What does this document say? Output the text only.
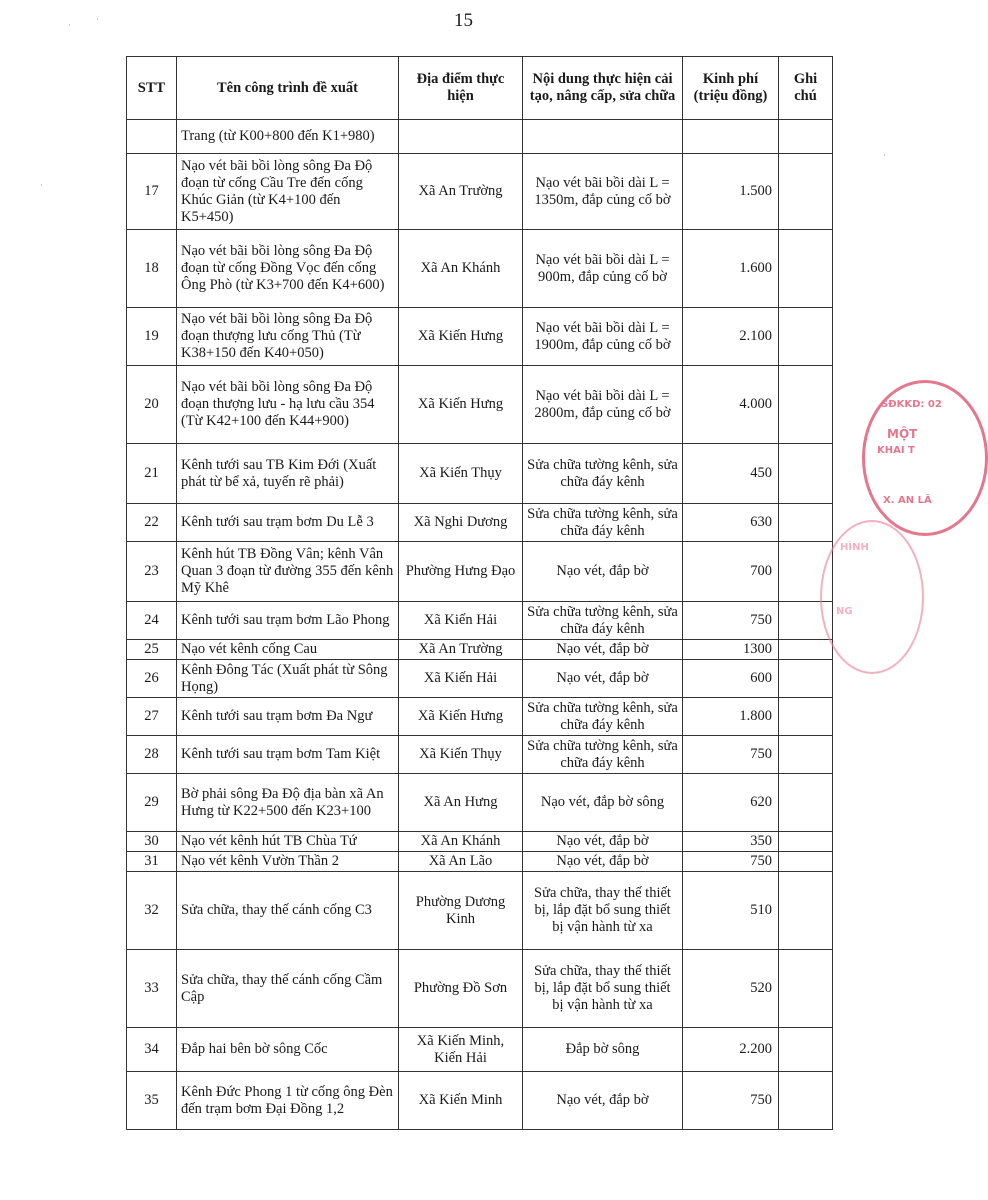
15
·
·
·
·
STT	Tên công trình đề xuất	Địa điểm thực hiện	Nội dung thực hiện cải tạo, nâng cấp, sửa chữa	Kinh phí (triệu đồng)	Ghi chú
	Trang (từ K00+800 đến K1+980)				
17	Nạo vét bãi bồi lòng sông Đa Độ đoạn từ cống Cầu Tre đến cống Khúc Giản (từ K4+100 đến K5+450)	Xã An Trường	Nạo vét bãi bồi dài L = 1350m, đắp củng cố bờ	1.500	
18	Nạo vét bãi bồi lòng sông Đa Độ đoạn từ cống Đồng Vọc đến cống Ông Phò (từ K3+700 đến K4+600)	Xã An Khánh	Nạo vét bãi bồi dài L = 900m, đắp củng cố bờ	1.600	
19	Nạo vét bãi bồi lòng sông Đa Độ đoạn thượng lưu cống Thủ (Từ K38+150 đến K40+050)	Xã Kiến Hưng	Nạo vét bãi bồi dài L = 1900m, đắp củng cố bờ	2.100	
20	Nạo vét bãi bồi lòng sông Đa Độ đoạn thượng lưu - hạ lưu cầu 354 (Từ K42+100 đến K44+900)	Xã Kiến Hưng	Nạo vét bãi bồi dài L = 2800m, đắp củng cố bờ	4.000	
21	Kênh tưới sau TB Kim Đới (Xuất phát từ bể xả, tuyến rẽ phải)	Xã Kiến Thụy	Sửa chữa tường kênh, sửa chữa đáy kênh	450	
22	Kênh tưới sau trạm bơm Du Lễ 3	Xã Nghi Dương	Sửa chữa tường kênh, sửa chữa đáy kênh	630	
23	Kênh hút TB Đồng Vân; kênh Vân Quan 3 đoạn từ đường 355 đến kênh Mỹ Khê	Phường Hưng Đạo	Nạo vét, đắp bờ	700	
24	Kênh tưới sau trạm bơm Lão Phong	Xã Kiến Hải	Sửa chữa tường kênh, sửa chữa đáy kênh	750	
25	Nạo vét kênh cống Cau	Xã An Trường	Nạo vét, đắp bờ	1300	
26	Kênh Đông Tác (Xuất phát từ Sông Họng)	Xã Kiến Hải	Nạo vét, đắp bờ	600	
27	Kênh tưới sau trạm bơm Đa Ngư	Xã Kiến Hưng	Sửa chữa tường kênh, sửa chữa đáy kênh	1.800	
28	Kênh tưới sau trạm bơm Tam Kiệt	Xã Kiến Thụy	Sửa chữa tường kênh, sửa chữa đáy kênh	750	
29	Bờ phải sông Đa Độ địa bàn xã An Hưng từ K22+500 đến K23+100	Xã An Hưng	Nạo vét, đắp bờ sông	620	
30	Nạo vét kênh hút TB Chùa Tứ	Xã An Khánh	Nạo vét, đắp bờ	350	
31	Nạo vét kênh Vườn Thần 2	Xã An Lão	Nạo vét, đắp bờ	750	
32	Sửa chữa, thay thế cánh cống C3	Phường Dương Kinh	Sửa chữa, thay thế thiết bị, lắp đặt bổ sung thiết bị vận hành từ xa	510	
33	Sửa chữa, thay thế cánh cống Cầm Cập	Phường Đồ Sơn	Sửa chữa, thay thế thiết bị, lắp đặt bổ sung thiết bị vận hành từ xa	520	
34	Đắp hai bên bờ sông Cốc	Xã Kiến Minh, Kiến Hải	Đắp bờ sông	2.200	
35	Kênh Đức Phong 1 từ cống ông Đèn đến trạm bơm Đại Đồng 1,2	Xã Kiến Minh	Nạo vét, đắp bờ	750	
SĐKKD: 02
MỘT
KHAI T
X. AN LÃ
HÌNH
NG
